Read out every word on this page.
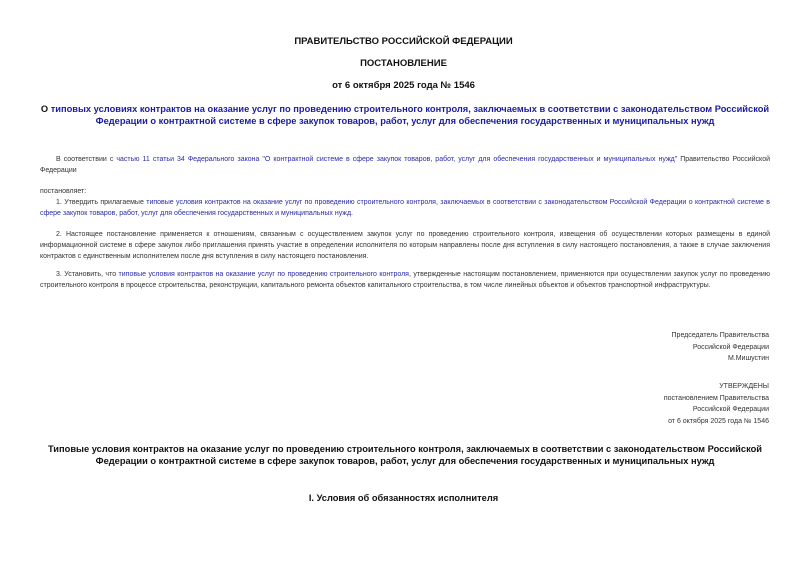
ПРАВИТЕЛЬСТВО РОССИЙСКОЙ ФЕДЕРАЦИИ
ПОСТАНОВЛЕНИЕ
от 6 октября 2025 года № 1546
О типовых условиях контрактов на оказание услуг по проведению строительного контроля, заключаемых в соответствии с законодательством Российской
Федерации о контрактной системе в сфере закупок товаров, работ, услуг для обеспечения государственных и муниципальных нужд
В соответствии с частью 11 статьи 34 Федерального закона "О контрактной системе в сфере закупок товаров, работ, услуг для обеспечения государственных и муниципальных нужд" Правительство Российской Федерации
постановляет:
1. Утвердить прилагаемые типовые условия контрактов на оказание услуг по проведению строительного контроля, заключаемых в соответствии с законодательством Российской Федерации о контрактной системе в сфере закупок товаров, работ, услуг для обеспечения государственных и муниципальных нужд.
2. Настоящее постановление применяется к отношениям, связанным с осуществлением закупок услуг по проведению строительного контроля, извещения об осуществлении которых размещены в единой информационной системе в сфере закупок либо приглашения принять участие в определении исполнителя по которым направлены после дня вступления в силу настоящего постановления, а также в случае заключения контрактов с единственным исполнителем после дня вступления в силу настоящего постановления.
3. Установить, что типовые условия контрактов на оказание услуг по проведению строительного контроля, утвержденные настоящим постановлением, применяются при осуществлении закупок услуг по проведению строительного контроля в процессе строительства, реконструкции, капитального ремонта объектов капитального строительства, в том числе линейных объектов и объектов транспортной инфраструктуры.
Председатель Правительства
Российской Федерации
М.Мишустин
УТВЕРЖДЕНЫ
постановлением Правительства
Российской Федерации
от 6 октября 2025 года № 1546
Типовые условия контрактов на оказание услуг по проведению строительного контроля, заключаемых в соответствии с законодательством Российской
Федерации о контрактной системе в сфере закупок товаров, работ, услуг для обеспечения государственных и муниципальных нужд
I. Условия об обязанностях исполнителя
